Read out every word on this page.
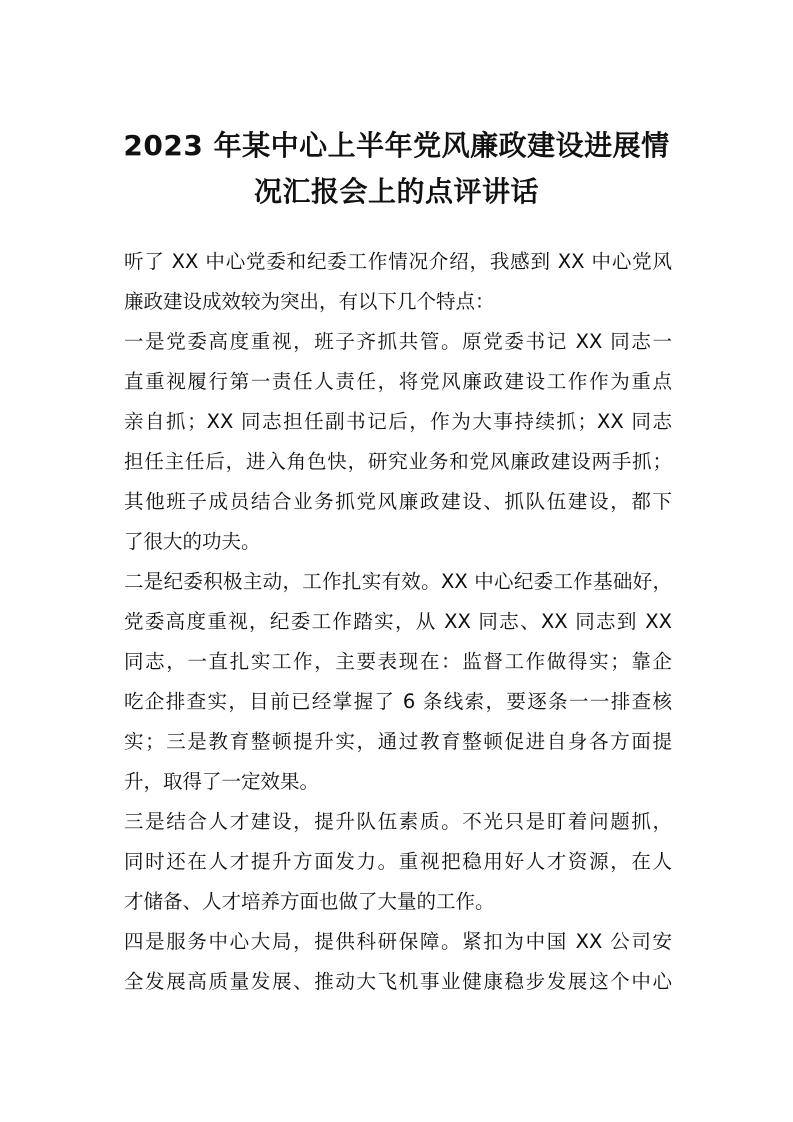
2023 年某中心上半年党风廉政建设进展情
况汇报会上的点评讲话
听了 XX 中心党委和纪委工作情况介绍，我感到 XX 中心党风
廉政建设成效较为突出，有以下几个特点：
一是党委高度重视，班子齐抓共管。原党委书记 XX 同志一
直重视履行第一责任人责任，将党风廉政建设工作作为重点
亲自抓；XX 同志担任副书记后，作为大事持续抓；XX 同志
担任主任后，进入角色快，研究业务和党风廉政建设两手抓；
其他班子成员结合业务抓党风廉政建设、抓队伍建设，都下
了很大的功夫。
二是纪委积极主动，工作扎实有效。XX 中心纪委工作基础好，
党委高度重视，纪委工作踏实，从 XX 同志、XX 同志到 XX
同志，一直扎实工作，主要表现在：监督工作做得实；靠企
吃企排查实，目前已经掌握了 6 条线索，要逐条一一排查核
实；三是教育整顿提升实，通过教育整顿促进自身各方面提
升，取得了一定效果。
三是结合人才建设，提升队伍素质。不光只是盯着问题抓，
同时还在人才提升方面发力。重视把稳用好人才资源，在人
才储备、人才培养方面也做了大量的工作。
四是服务中心大局，提供科研保障。紧扣为中国 XX 公司安
全发展高质量发展、推动大飞机事业健康稳步发展这个中心
